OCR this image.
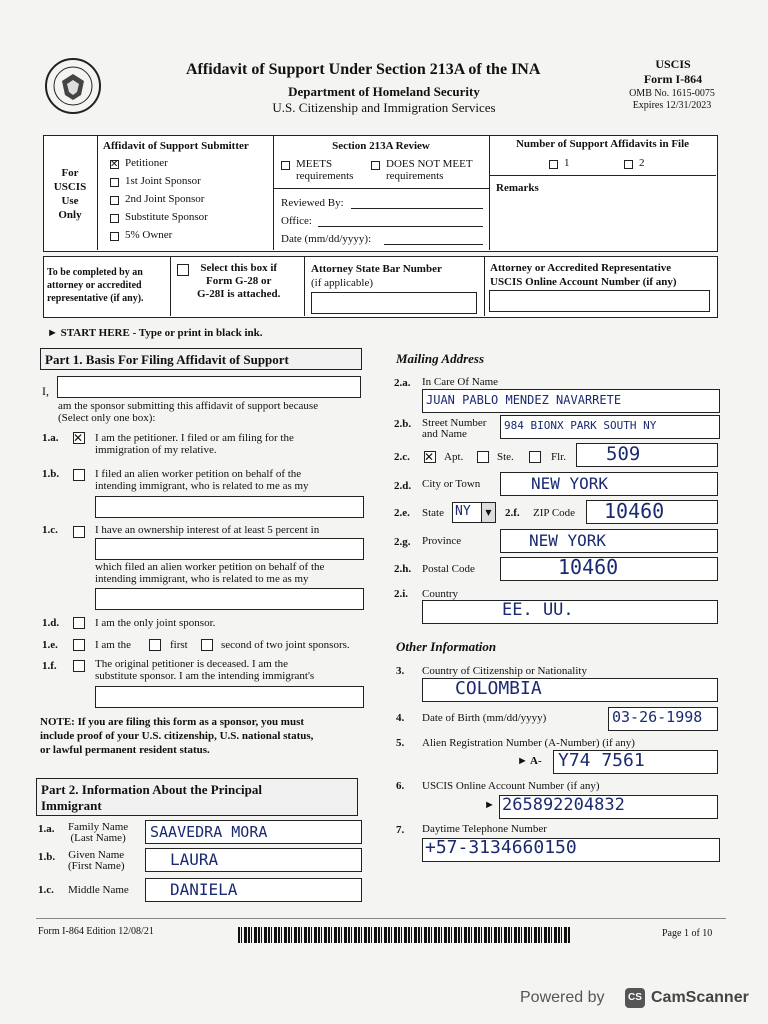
Affidavit of Support Under Section 213A of the INA
Department of Homeland Security
U.S. Citizenship and Immigration Services
USCIS
Form I-864
OMB No. 1615-0075
Expires 12/31/2023
For
USCIS
Use
Only
Affidavit of Support Submitter
✕ Petitioner
1st Joint Sponsor
2nd Joint Sponsor
Substitute Sponsor
5% Owner
Section 213A Review
MEETS
requirements
DOES NOT MEET
requirements
Reviewed By:
Office:
Date (mm/dd/yyyy):
Number of Support Affidavits in File
1	2
Remarks
To be completed by an
attorney or accredited
representative (if any).
Select this box if
Form G-28 or
G-28I is attached.
Attorney State Bar Number
(if applicable)
Attorney or Accredited Representative
USCIS Online Account Number (if any)
► START HERE - Type or print in black ink.
Part 1. Basis For Filing Affidavit of Support
I,
am the sponsor submitting this affidavit of support because
(Select only one box):
1.a. ✕ I am the petitioner. I filed or am filing for the
immigration of my relative.
1.b.	I filed an alien worker petition on behalf of the
intending immigrant, who is related to me as my
1.c.	I have an ownership interest of at least 5 percent in
which filed an alien worker petition on behalf of the
intending immigrant, who is related to me as my
1.d.	I am the only joint sponsor.
1.e.	I am the	first	second of two joint sponsors.
1.f.	The original petitioner is deceased. I am the
substitute sponsor. I am the intending immigrant's
NOTE: If you are filing this form as a sponsor, you must
include proof of your U.S. citizenship, U.S. national status,
or lawful permanent resident status.
Part 2. Information About the Principal
Immigrant
1.a. Family Name
(Last Name) SAAVEDRA MORA
1.b. Given Name
(First Name)	LAURA
1.c. Middle Name	DANIELA
Mailing Address
2.a. In Care Of Name
JUAN PABLO MENDEZ NAVARRETE
2.b. Street Number
and Name
984 BIONX PARK SOUTH NY
2.c. ✕ Apt.	Ste.	Flr. 509
2.d. City or Town	NEW YORK
2.e. State NY	▼	2.f. ZIP Code 10460
2.g. Province	NEW YORK
2.h. Postal Code	10460
2.i. Country
EE. UU.
Other Information
3. Country of Citizenship or Nationality
COLOMBIA
4. Date of Birth (mm/dd/yyyy)	03-26-1998
5. Alien Registration Number (A-Number) (if any)
► A- Y74 7561
6. USCIS Online Account Number (if any)
► 265892204832
7. Daytime Telephone Number
+57-3134660150
Form I-864 Edition 12/08/21	Page 1 of 10
Powered by	CS CamScanner
